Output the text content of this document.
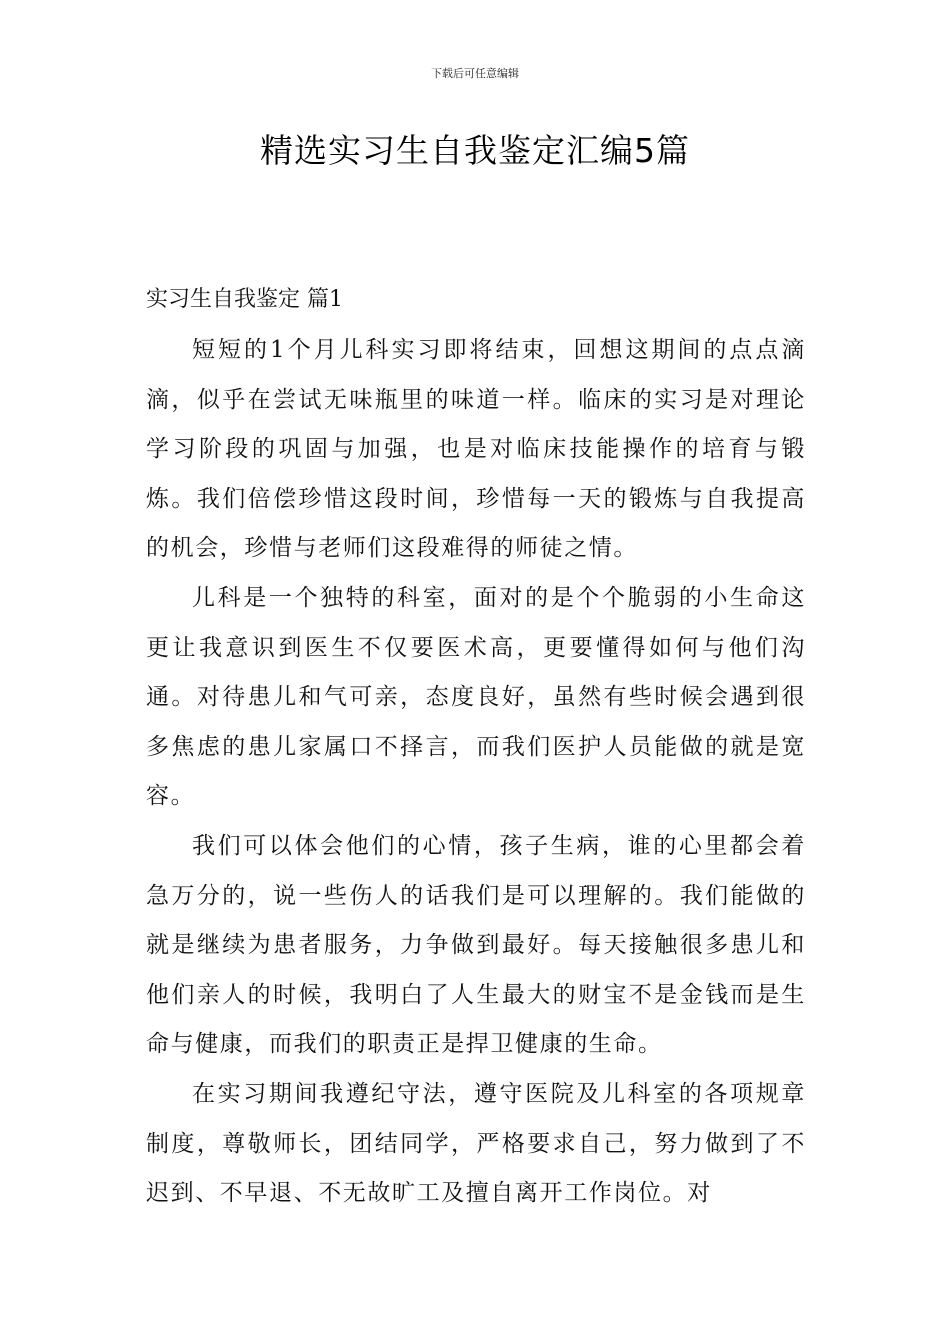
下载后可任意编辑
精选实习生自我鉴定汇编5篇
实习生自我鉴定 篇1

短短的1个月儿科实习即将结束，回想这期间的点点滴滴，似乎在尝试无味瓶里的味道一样。临床的实习是对理论学习阶段的巩固与加强，也是对临床技能操作的培育与锻炼。我们倍偿珍惜这段时间，珍惜每一天的锻炼与自我提高的机会，珍惜与老师们这段难得的师徒之情。

儿科是一个独特的科室，面对的是个个脆弱的小生命这更让我意识到医生不仅要医术高，更要懂得如何与他们沟通。对待患儿和气可亲，态度良好，虽然有些时候会遇到很多焦虑的患儿家属口不择言，而我们医护人员能做的就是宽容。

我们可以体会他们的心情，孩子生病，谁的心里都会着急万分的，说一些伤人的话我们是可以理解的。我们能做的就是继续为患者服务，力争做到最好。每天接触很多患儿和他们亲人的时候，我明白了人生最大的财宝不是金钱而是生命与健康，而我们的职责正是捍卫健康的生命。

在实习期间我遵纪守法，遵守医院及儿科室的各项规章制度，尊敬师长，团结同学，严格要求自己，努力做到了不迟到、不早退、不无故旷工及擅自离开工作岗位。对
